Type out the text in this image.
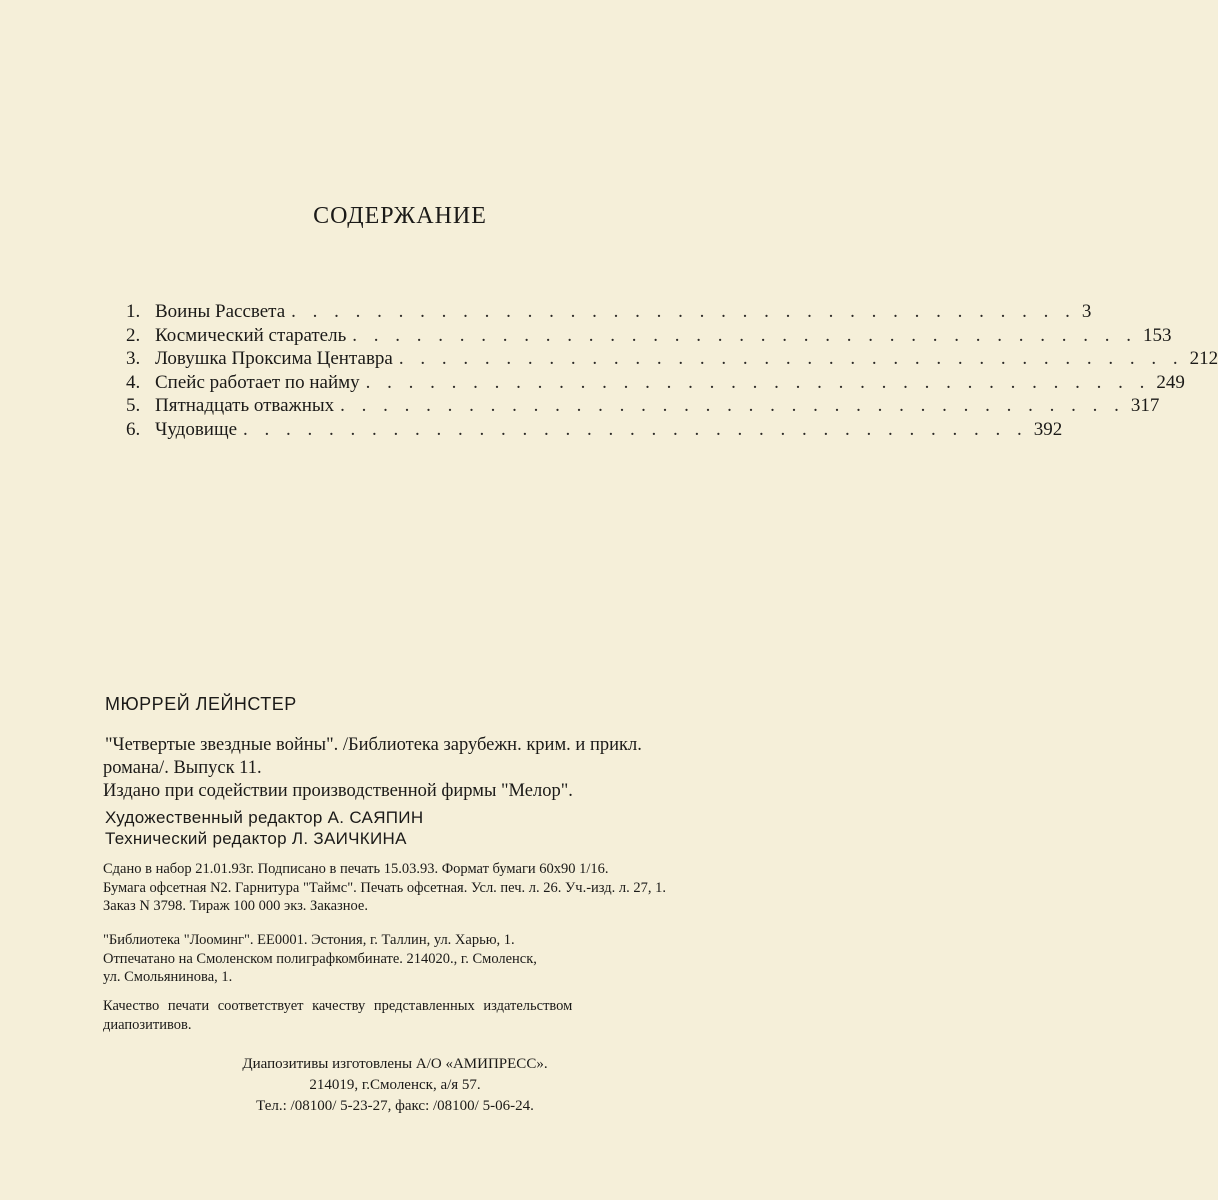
СОДЕРЖАНИЕ
1. Воины Рассвета . . . . . . . . . . . . . . . . . . . . . . . . . . . . . . . . . . . . . 3
2. Космический старатель . . . . . . . . . . . . . . . . . . . . . . . . . . . . . . . . . . . . . 153
3. Ловушка Проксима Центавра . . . . . . . . . . . . . . . . . . . . . . . . . . . . . . . . . . . . . 212
4. Спейс работает по найму . . . . . . . . . . . . . . . . . . . . . . . . . . . . . . . . . . . . . 249
5. Пятнадцать отважных . . . . . . . . . . . . . . . . . . . . . . . . . . . . . . . . . . . . . 317
6. Чудовище . . . . . . . . . . . . . . . . . . . . . . . . . . . . . . . . . . . . . 392
МЮРРЕЙ ЛЕЙНСТЕР

"Четвертые звездные войны". /Библиотека зарубежн. крим. и прикл.

романа/. Выпуск 11.

Издано при содействии производственной фирмы "Мелор".

Художественный редактор А. САЯПИН

Технический редактор Л. ЗАИЧКИНА

Сдано в набор 21.01.93г. Подписано в печать 15.03.93. Формат бумаги 60х90 1/16.

Бумага офсетная N2. Гарнитура "Таймс". Печать офсетная. Усл. печ. л. 26. Уч.-изд. л. 27, 1.

Заказ N 3798. Тираж 100 000 экз. Заказное.

"Библиотека "Лооминг". ЕЕ0001. Эстония, г. Таллин, ул. Харью, 1.

Отпечатано на Смоленском полиграфкомбинате. 214020., г. Смоленск,

ул. Смольянинова, 1.

Качество печати соответствует качеству представленных издательством

диапозитивов.

Диапозитивы изготовлены А/О «АМИПРЕСС».

214019, г.Смоленск, а/я 57.

Тел.: /08100/ 5-23-27, факс: /08100/ 5-06-24.
